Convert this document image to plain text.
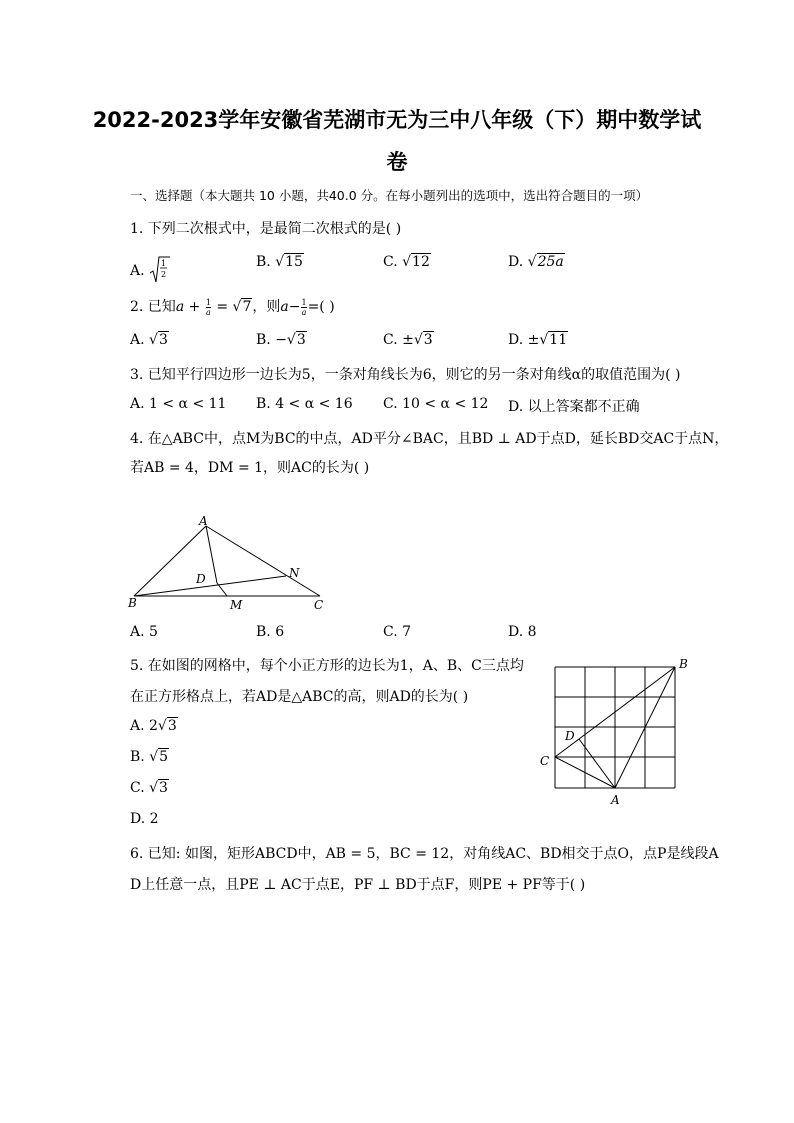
2022-2023学年安徽省芜湖市无为三中八年级（下）期中数学试
卷
一、选择题（本大题共 10 小题，共40.0 分。在每小题列出的选项中，选出符合题目的一项）
1. 下列二次根式中，是最简二次根式的是( )
A. 1
2
B. √15	C. √12	D. √25a
2. 已知$a + \frac{1}{a} = √7$，则$a- \frac{1}{a}$ =( )
A. √3	B. −√3	C. ±√3	D. ±√11
3. 已知平行四边形一边长为5，一条对角线长为6，则它的另一条对角线α的取值范围为( )
A. 1 < α < 11 B. 4 < α < 16 C. 10 < α < 12 D. 以上答案都不正确
4. 在△ABC中，点M为BC的中点，AD平分∠BAC，且BD ⊥ AD于点D，延长BD交AC于点N，
若AB = 4，DM = 1，则AC的长为( )
A
B	C
D
M
N
A. 5	B. 6	C. 7	D. 8
5. 在如图的网格中，每个小正方形的边长为1，A、B、C三点均
在正方形格点上，若AD是△ABC的高，则AD的长为( )
A. 2√3
B. √5
C. √3
D. 2
B
C
D
A
6. 已知: 如图，矩形ABCD中，AB = 5，BC = 12，对角线AC、BD相交于点O，点P是线段A
D上任意一点，且PE ⊥ AC于点E，PF ⊥ BD于点F，则PE + PF等于( )
